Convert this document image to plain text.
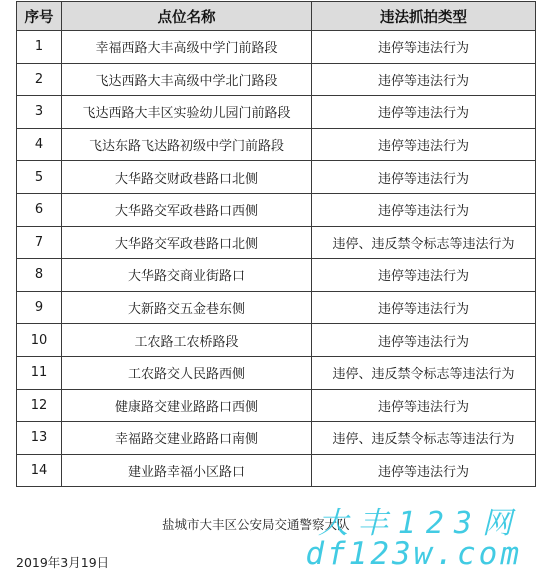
序号	点位名称	违法抓拍类型
1	幸福西路大丰高级中学门前路段	违停等违法行为
2	飞达西路大丰高级中学北门路段	违停等违法行为
3	飞达西路大丰区实验幼儿园门前路段	违停等违法行为
4	飞达东路飞达路初级中学门前路段	违停等违法行为
5	大华路交财政巷路口北侧	违停等违法行为
6	大华路交军政巷路口西侧	违停等违法行为
7	大华路交军政巷路口北侧	违停、违反禁令标志等违法行为
8	大华路交商业街路口	违停等违法行为
9	大新路交五金巷东侧	违停等违法行为
10	工农路工农桥路段	违停等违法行为
11	工农路交人民路西侧	违停、违反禁令标志等违法行为
12	健康路交建业路路口西侧	违停等违法行为
13	幸福路交建业路路口南侧	违停、违反禁令标志等违法行为
14	建业路幸福小区路口	违停等违法行为
盐城市大丰区公安局交通警察大队
2019年3月19日
大丰123网
df123w.com
